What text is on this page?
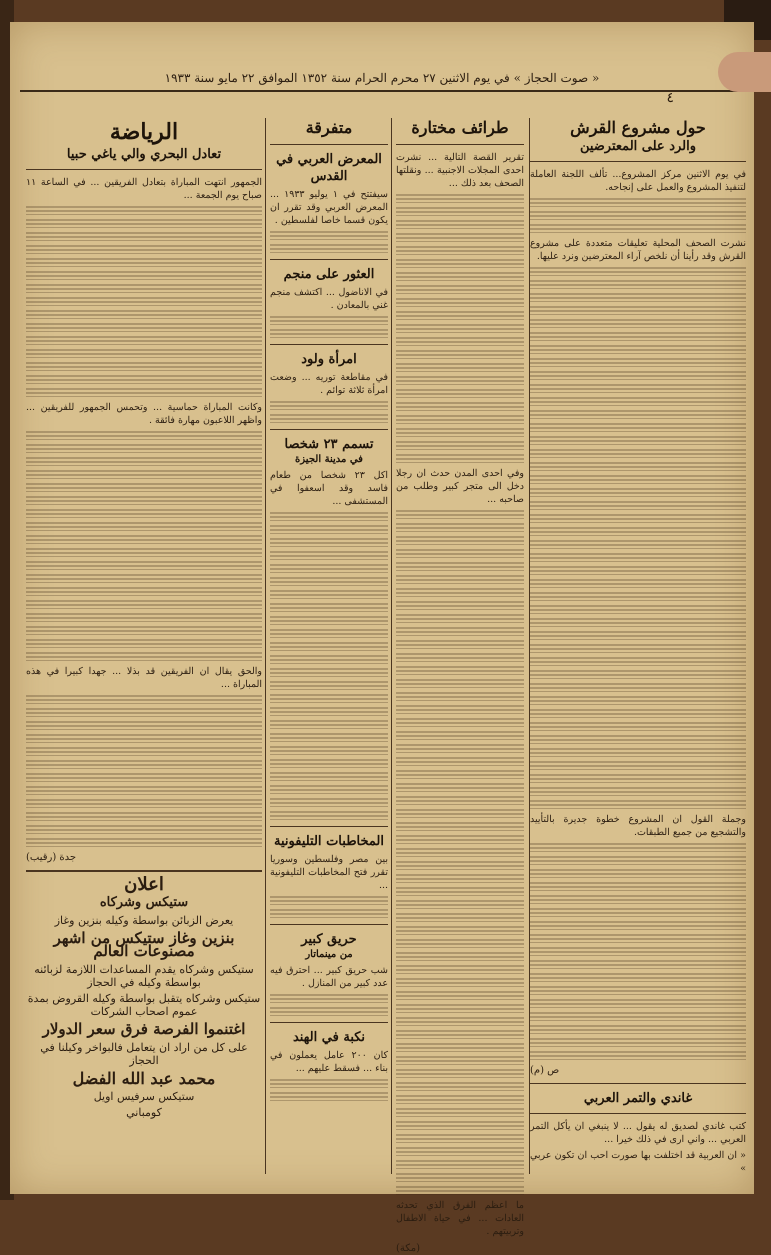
« صوت الحجاز » في يوم الاثنين ٢٧ محرم الحرام سنة ١٣٥٢ الموافق ٢٢ مايو سنة ١٩٣٣
٤
حول مشروع القرش
والرد على المعترضين

في يوم الاثنين مركز المشروع... تألف اللجنة العاملة لتنفيذ المشروع والعمل على إنجاحه.

نشرت الصحف المحلية تعليقات متعددة على مشروع القرش وقد رأينا أن نلخص آراء المعترضين ونرد عليها.

وجملة القول ان المشروع خطوة جديرة بالتأييد والتشجيع من جميع الطبقات.

ص (م)
غاندي والتمر العربي

كتب غاندي لصديق له يقول ... لا ينبغي ان يأكل التمر العربي ... واني ارى في ذلك خيرا ...

« ان العربية قد اختلفت بها صورت احب ان تكون عربي »

طرائف مختارة

تقرير القصة التالية ... نشرت احدى المجلات الاجنبية ... ونقلتها الصحف بعد ذلك ...

وفي احدى المدن حدث ان رجلا دخل الى متجر كبير وطلب من صاحبه ...

ما اعظم الفرق الذي تحدثه العادات ... في حياة الاطفال وتربيتهم .

(مكة)
متفرقة
المعرض العربي في القدس

سيفتتح في ١ يوليو ١٩٣٣ ... المعرض العربي وقد تقرر ان يكون قسما خاصا لفلسطين .

العثور على منجم

في الاناضول ... اكتشف منجم غني بالمعادن .

امرأة ولود

في مقاطعة توريه ... وضعت امرأة ثلاثة توائم .

تسمم ٢٣ شخصا
في مدينة الجيزة

اكل ٢٣ شخصا من طعام فاسد وقد اسعفوا في المستشفى ...

المخاطبات التليفونية

بين مصر وفلسطين وسوريا تقرر فتح المخاطبات التليفونية ...

حريق كبير
من مينماتار

شب حريق كبير ... احترق فيه عدد كبير من المنازل .

نكبة في الهند

كان ٢٠٠ عامل يعملون في بناء ... فسقط عليهم ...

الرياضة
تعادل البحري والي ياغي حبيا

الجمهور انتهت المباراة بتعادل الفريقين ... في الساعة ١١ صباح يوم الجمعة ...

وكانت المباراة حماسية ... وتحمس الجمهور للفريقين ... واظهر اللاعبون مهارة فائقة .

والحق يقال ان الفريقين قد بذلا ... جهدا كبيرا في هذه المباراة ...

جدة (رقيب)
اعلان
ستيكس وشركاه
يعرض الزبائن بواسطة وكيله بنزين وغاز
بنزين وغاز ستيكس من اشهر مصنوعات العالم
ستيكس وشركاه يقدم المساعدات اللازمة لزبائنه بواسطة وكيله في الحجاز
ستيكس وشركاه يتقبل بواسطة وكيله القروض بمدة عموم اصحاب الشركات
اغتنموا الفرصة فرق سعر الدولار
على كل من اراد ان يتعامل فالبواخر وكيلنا في الحجاز
محمد عبد الله الفضل
ستيكس سرفيس اويل
كومباني
